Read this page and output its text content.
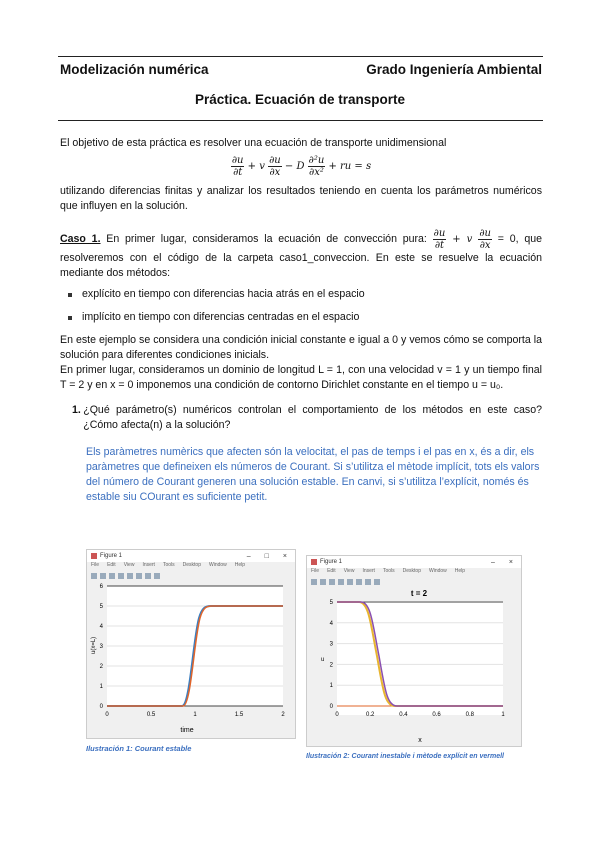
Modelización numérica	Grado Ingeniería Ambiental
Práctica. Ecuación de transporte

El objetivo de esta práctica es resolver una ecuación de transporte unidimensional

$\frac{\partial u}{\partial t} + v \frac{\partial u}{\partial x} - D \frac{\text{∂²u}}{\text{∂x²}}$ + ru = s

utilizando diferencias finitas y analizar los resultados teniendo en cuenta los parámetros numéricos que influyen en la solución.

Caso 1. En primer lugar, consideramos la ecuación de convección pura: $\frac{\partial u}{\partial t} + v \frac{\partial u}{\partial x} = 0$, que resolveremos con el código de la carpeta caso1_conveccion. En este se resuelve la ecuación mediante dos métodos:

explícito en tiempo con diferencias hacia atrás en el espacio
implícito en tiempo con diferencias centradas en el espacio

En este ejemplo se considera una condición inicial constante e igual a 0 y vemos cómo se comporta la solución para diferentes condiciones inicials.

En primer lugar, consideramos un dominio de longitud L = 1, con una velocidad v = 1 y un tiempo final T = 2 y en x = 0 imponemos una condición de contorno Dirichlet constante en el tiempo u = u₀.

1. ¿Qué parámetro(s) numéricos controlan el comportamiento de los métodos en este caso? ¿Cómo afecta(n) a la solución?

Els paràmetres numèrics que afecten són la velocitat, el pas de temps i el pas en x, és a dir, els paràmetres que defineixen els números de Courant. Si s’utilitza el mètode implícit, tots els valors del número de Courant generen una solución estable. En canvi, si s’utilitza l’explícit, només és estable siu COurant es suficiente petit.

Figure 1	– □ ×
File Edit View Insert Tools Desktop Window Help
0
1
2
3
4
5
6
0	0.5	1	1.5	2
u(x=L)
time
Ilustración 1: Courant estable
Figure 1	– ×
File Edit View Insert Tools Desktop Window Help
t = 2
0
1
2
3
4
5
0	0.2	0.4	0.6	0.8	1
u
x
Ilustración 2: Courant inestable i mètode explícit en vermell
